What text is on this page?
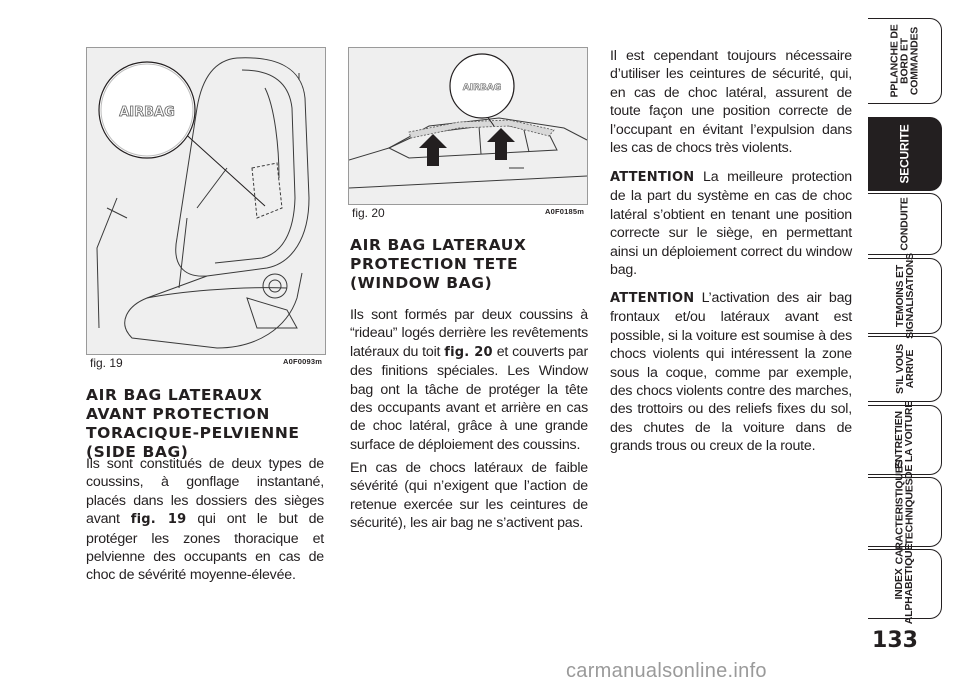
AIRBAG
fig. 19	A0F0093m
AIRBAG
fig. 20	A0F0185m
AIR BAG LATERAUX AVANT PROTECTION TORACIQUE-PELVIENNE (SIDE BAG)

Ils sont constitués de deux types de coussins, à gonflage instantané, placés dans les dossiers des sièges avant fig. 19 qui ont le but de protéger les zones thoracique et pelvienne des occupants en cas de choc de sévérité moyenne-élevée.

AIR BAG LATERAUX PROTECTION TETE (WINDOW BAG)

Ils sont formés par deux coussins à “rideau” logés derrière les revêtements latéraux du toit fig. 20 et couverts par des finitions spéciales. Les Window bag ont la tâche de protéger la tête des occupants avant et arrière en cas de choc latéral, grâce à une grande surface de déploiement des coussins.

En cas de chocs latéraux de faible sévérité (qui n’exigent que l’action de retenue exercée sur les ceintures de sécurité), les air bag ne s’activent pas.

Il est cependant toujours nécessaire d’utiliser les ceintures de sécurité, qui, en cas de choc latéral, assurent de toute façon une position correcte de l’occupant en évitant l’expulsion dans les cas de chocs très violents.

ATTENTION La meilleure protection de la part du système en cas de choc latéral s’obtient en tenant une position correcte sur le siège, en permettant ainsi un déploiement correct du window bag.

ATTENTION L’activation des air bag frontaux et/ou latéraux avant est possible, si la voiture est soumise à des chocs violents qui intéressent la zone sous la coque, comme par exemple, des chocs violents contre des marches, des trottoirs ou des reliefs fixes du sol, des chutes de la voiture dans de grands trous ou creux de la route.

PPLANCHE DE
BORD ET
COMMANDES
SECURITE
CONDUITE
TEMOINS ET
SIGNALISATIONS
S’IL VOUS
ARRIVE
ENTRETIEN
DE LA VOITURE
CARACTERISTIQUES
TECHNIQUES
INDEX
ALPHABETIQUE
133
carmanualsonline.info
